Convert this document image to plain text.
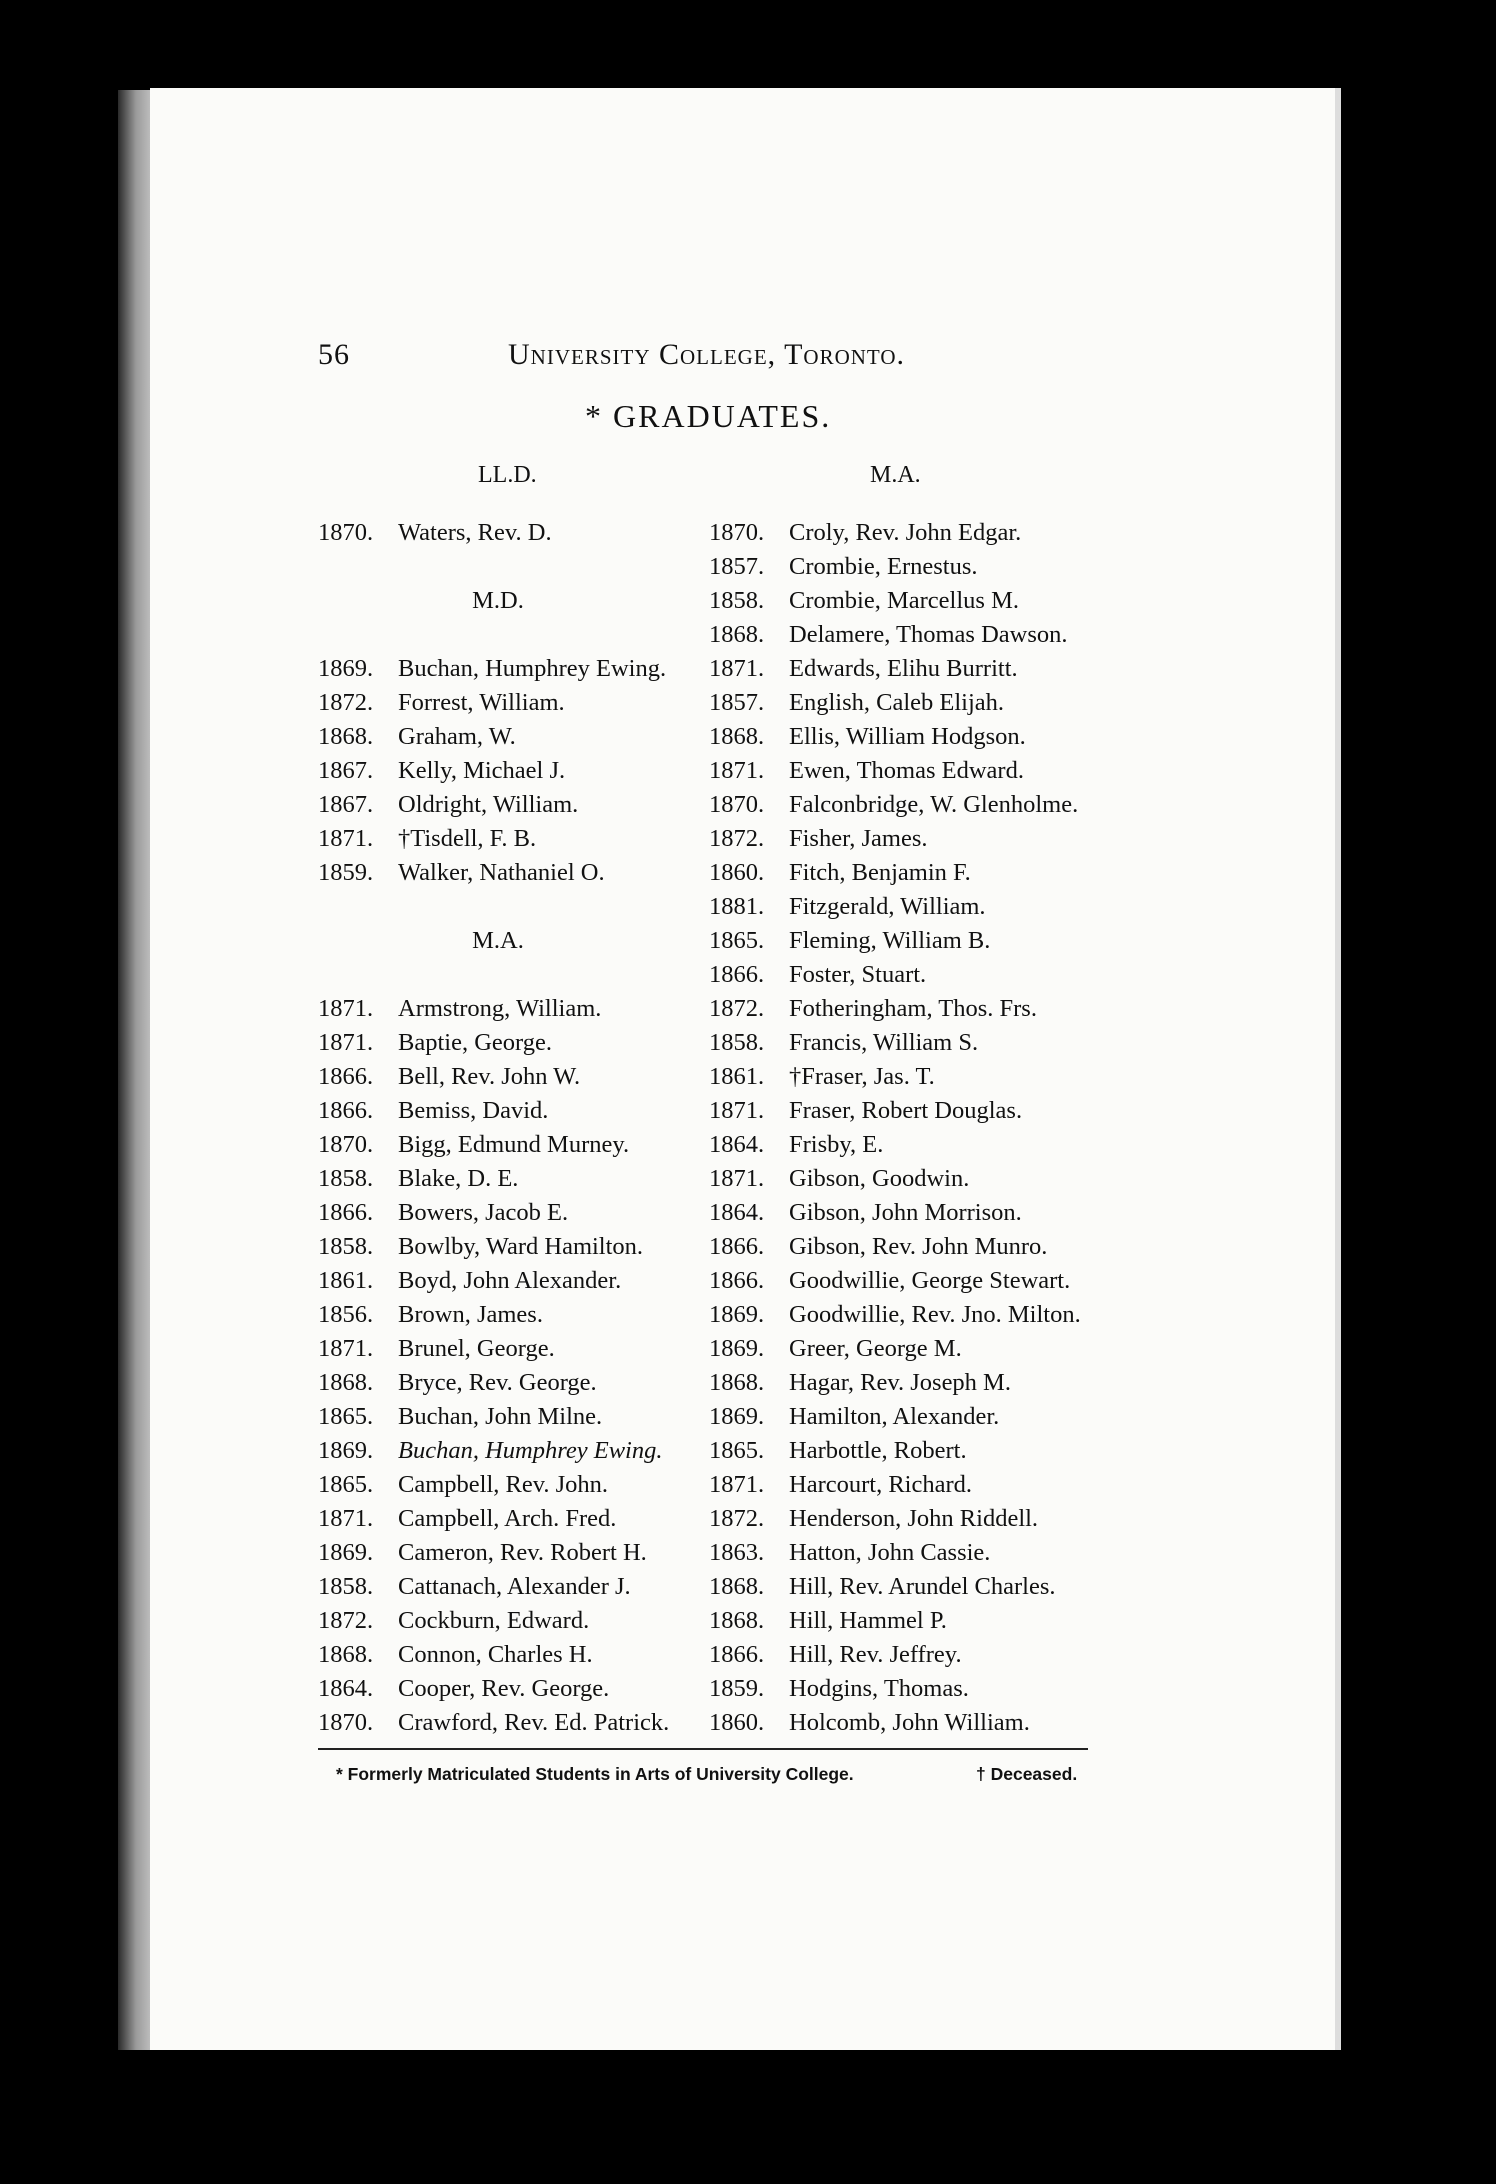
56	University College, Toronto.
* GRADUATES.
LL.D.	M.A.
1870. Waters, Rev. D.
M.D.
1869. Buchan, Humphrey Ewing.
1872. Forrest, William.
1868. Graham, W.
1867. Kelly, Michael J.
1867. Oldright, William.
1871. †Tisdell, F. B.
1859. Walker, Nathaniel O.
M.A.
1871. Armstrong, William.
1871. Baptie, George.
1866. Bell, Rev. John W.
1866. Bemiss, David.
1870. Bigg, Edmund Murney.
1858. Blake, D. E.
1866. Bowers, Jacob E.
1858. Bowlby, Ward Hamilton.
1861. Boyd, John Alexander.
1856. Brown, James.
1871. Brunel, George.
1868. Bryce, Rev. George.
1865. Buchan, John Milne.
1869. Buchan, Humphrey Ewing.
1865. Campbell, Rev. John.
1871. Campbell, Arch. Fred.
1869. Cameron, Rev. Robert H.
1858. Cattanach, Alexander J.
1872. Cockburn, Edward.
1868. Connon, Charles H.
1864. Cooper, Rev. George.
1870. Crawford, Rev. Ed. Patrick.
1870. Croly, Rev. John Edgar.
1857. Crombie, Ernestus.
1858. Crombie, Marcellus M.
1868. Delamere, Thomas Dawson.
1871. Edwards, Elihu Burritt.
1857. English, Caleb Elijah.
1868. Ellis, William Hodgson.
1871. Ewen, Thomas Edward.
1870. Falconbridge, W. Glenholme.
1872. Fisher, James.
1860. Fitch, Benjamin F.
1881. Fitzgerald, William.
1865. Fleming, William B.
1866. Foster, Stuart.
1872. Fotheringham, Thos. Frs.
1858. Francis, William S.
1861. †Fraser, Jas. T.
1871. Fraser, Robert Douglas.
1864. Frisby, E.
1871. Gibson, Goodwin.
1864. Gibson, John Morrison.
1866. Gibson, Rev. John Munro.
1866. Goodwillie, George Stewart.
1869. Goodwillie, Rev. Jno. Milton.
1869. Greer, George M.
1868. Hagar, Rev. Joseph M.
1869. Hamilton, Alexander.
1865. Harbottle, Robert.
1871. Harcourt, Richard.
1872. Henderson, John Riddell.
1863. Hatton, John Cassie.
1868. Hill, Rev. Arundel Charles.
1868. Hill, Hammel P.
1866. Hill, Rev. Jeffrey.
1859. Hodgins, Thomas.
1860. Holcomb, John William.
* Formerly Matriculated Students in Arts of University College.	† Deceased.
